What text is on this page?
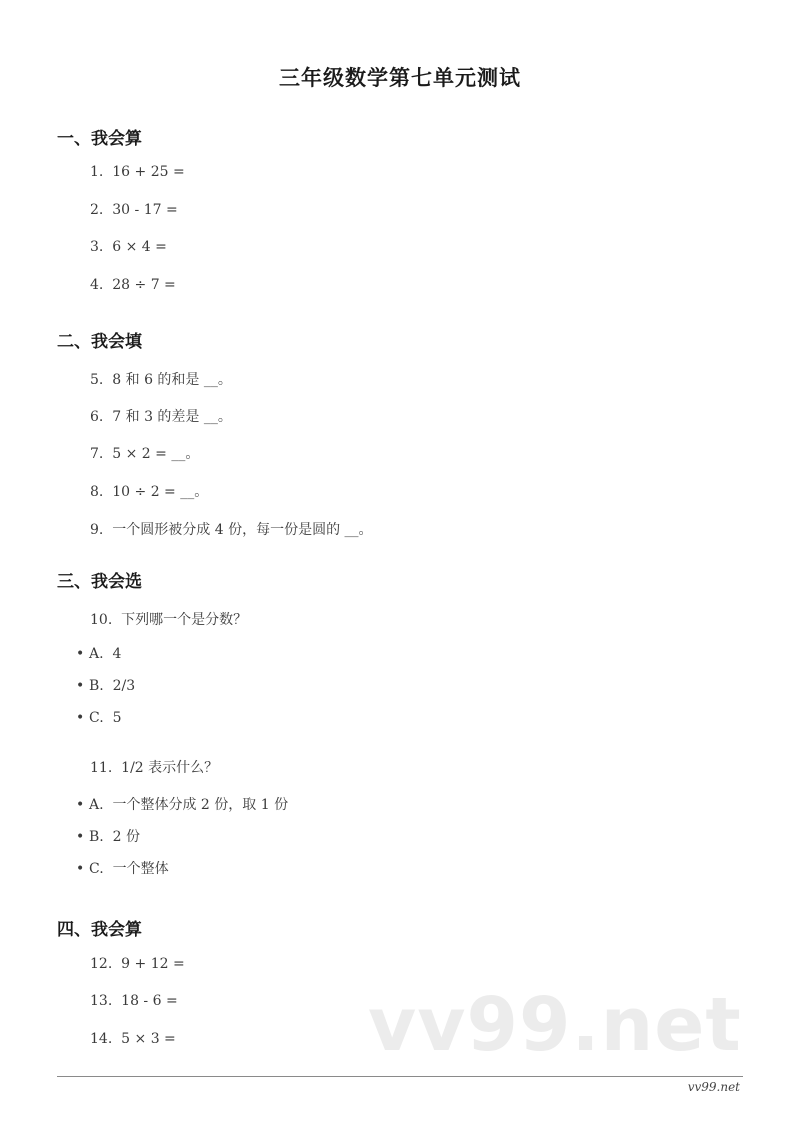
三年级数学第七单元测试
一、我会算
1.  16 + 25 =
2.  30 - 17 =
3.  6 × 4 =
4.  28 ÷ 7 =
二、我会填
5.  8 和 6 的和是 __。
6.  7 和 3 的差是 __。
7.  5 × 2 = __。
8.  10 ÷ 2 = __。
9.  一个圆形被分成 4 份，每一份是圆的 __。
三、我会选
10.  下列哪一个是分数？
• A.  4
• B.  2/3
• C.  5
11.  1/2 表示什么？
• A.  一个整体分成 2 份，取 1 份
• B.  2 份
• C.  一个整体
四、我会算
12.  9 + 12 =
13.  18 - 6 =
14.  5 × 3 =	vv99.net
vv99.net
